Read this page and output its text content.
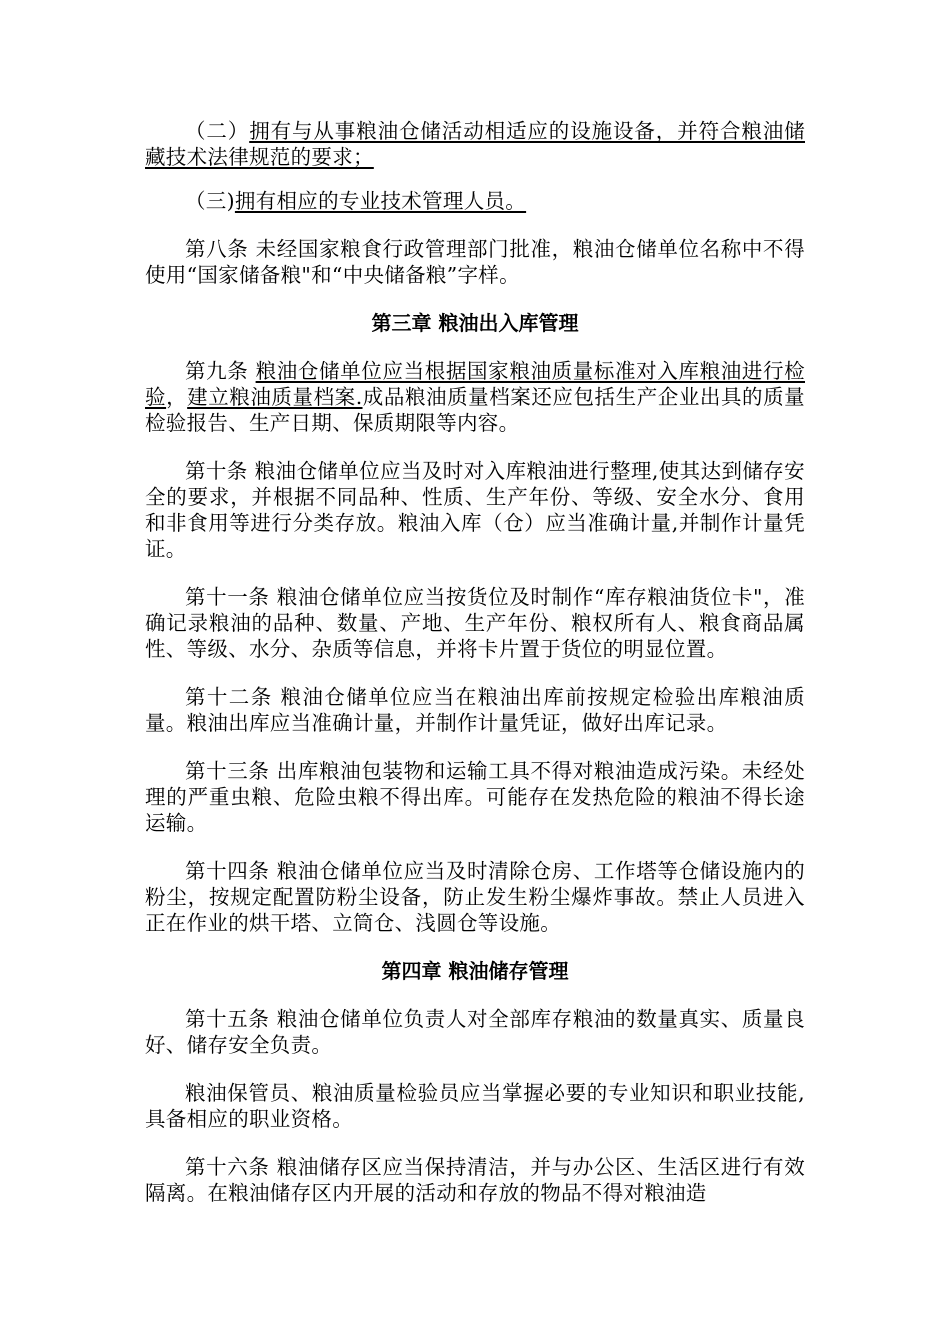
（二）拥有与从事粮油仓储活动相适应的设施设备，并符合粮油储藏技术法律规范的要求；

（三)拥有相应的专业技术管理人员。

第八条 未经国家粮食行政管理部门批准，粮油仓储单位名称中不得使用“国家储备粮"和“中央储备粮”字样。

第三章 粮油出入库管理

第九条 粮油仓储单位应当根据国家粮油质量标准对入库粮油进行检验，建立粮油质量档案.成品粮油质量档案还应包括生产企业出具的质量检验报告、生产日期、保质期限等内容。

第十条 粮油仓储单位应当及时对入库粮油进行整理,使其达到储存安全的要求，并根据不同品种、性质、生产年份、等级、安全水分、食用和非食用等进行分类存放。粮油入库（仓）应当准确计量,并制作计量凭证。

第十一条 粮油仓储单位应当按货位及时制作“库存粮油货位卡"，准确记录粮油的品种、数量、产地、生产年份、粮权所有人、粮食商品属性、等级、水分、杂质等信息，并将卡片置于货位的明显位置。

第十二条 粮油仓储单位应当在粮油出库前按规定检验出库粮油质量。粮油出库应当准确计量，并制作计量凭证，做好出库记录。

第十三条 出库粮油包装物和运输工具不得对粮油造成污染。未经处理的严重虫粮、危险虫粮不得出库。可能存在发热危险的粮油不得长途运输。

第十四条 粮油仓储单位应当及时清除仓房、工作塔等仓储设施内的粉尘，按规定配置防粉尘设备，防止发生粉尘爆炸事故。禁止人员进入正在作业的烘干塔、立筒仓、浅圆仓等设施。

第四章 粮油储存管理

第十五条 粮油仓储单位负责人对全部库存粮油的数量真实、质量良好、储存安全负责。

粮油保管员、粮油质量检验员应当掌握必要的专业知识和职业技能,具备相应的职业资格。

第十六条 粮油储存区应当保持清洁，并与办公区、生活区进行有效隔离。在粮油储存区内开展的活动和存放的物品不得对粮油造
